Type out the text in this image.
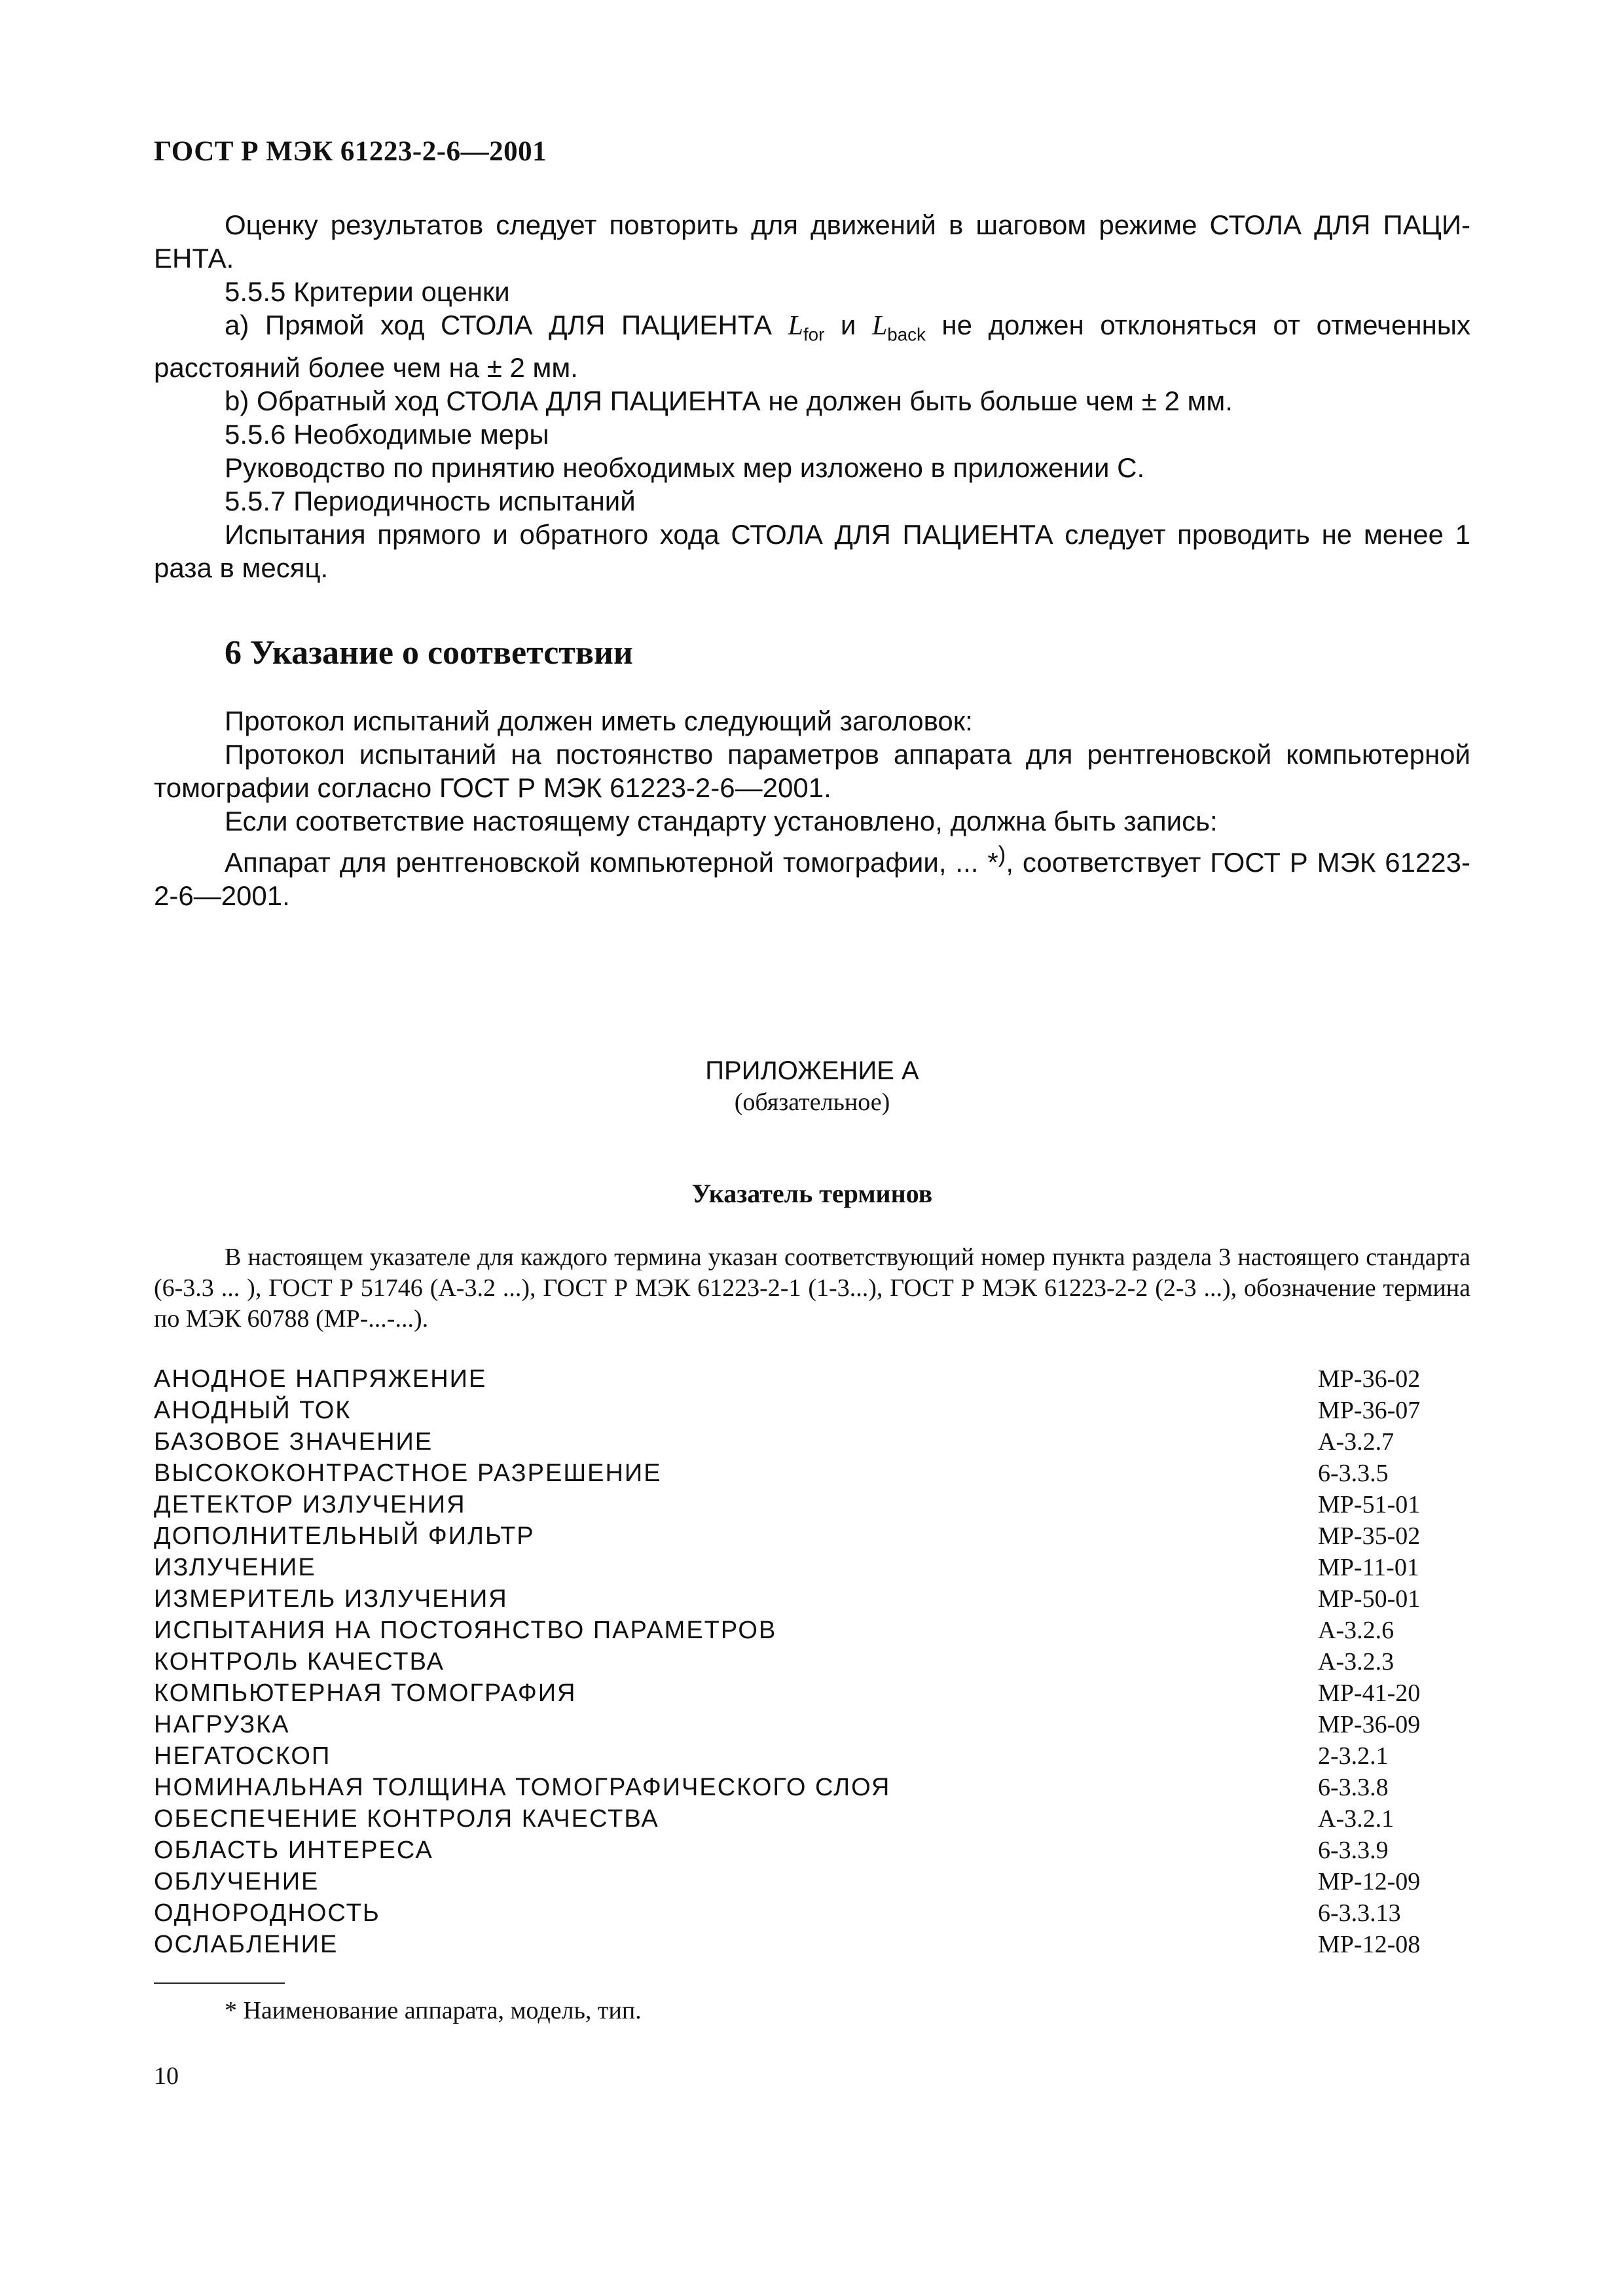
ГОСТ Р МЭК 61223-2-6—2001

Оценку результатов следует повторить для движений в шаговом режиме СТОЛА ДЛЯ ПАЦИ-ЕНТА.

5.5.5 Критерии оценки

а) Прямой ход СТОЛА ДЛЯ ПАЦИЕНТА $L_{for}$ и $L_{back}$ не должен отклоняться от отмеченных расстояний более чем на ± 2 мм.

b) Обратный ход СТОЛА ДЛЯ ПАЦИЕНТА не должен быть больше чем ± 2 мм.

5.5.6 Необходимые меры

Руководство по принятию необходимых мер изложено в приложении С.

5.5.7 Периодичность испытаний

Испытания прямого и обратного хода СТОЛА ДЛЯ ПАЦИЕНТА следует проводить не менее 1 раза в месяц.

6 Указание о соответствии

Протокол испытаний должен иметь следующий заголовок:

Протокол испытаний на постоянство параметров аппарата для рентгеновской компьютерной томографии согласно ГОСТ Р МЭК 61223-2-6—2001.

Если соответствие настоящему стандарту установлено, должна быть запись:

Аппарат для рентгеновской компьютерной томографии, ... *), соответствует ГОСТ Р МЭК 61223-2-6—2001.

ПРИЛОЖЕНИЕ А
(обязательное)
Указатель терминов

В настоящем указателе для каждого термина указан соответствующий номер пункта раздела 3 настоящего стандарта (6-3.3 ... ), ГОСТ Р 51746 (А-3.2 ...), ГОСТ Р МЭК 61223-2-1 (1-3...), ГОСТ Р МЭК 61223-2-2 (2-3 ...), обозначение термина по МЭК 60788 (МР-...-...).

АНОДНОЕ НАПРЯЖЕНИЕ	МР-36-02
АНОДНЫЙ ТОК	МР-36-07
БАЗОВОЕ ЗНАЧЕНИЕ	А-3.2.7
ВЫСОКОКОНТРАСТНОЕ РАЗРЕШЕНИЕ	6-3.3.5
ДЕТЕКТОР ИЗЛУЧЕНИЯ	МР-51-01
ДОПОЛНИТЕЛЬНЫЙ ФИЛЬТР	МР-35-02
ИЗЛУЧЕНИЕ	МР-11-01
ИЗМЕРИТЕЛЬ ИЗЛУЧЕНИЯ	МР-50-01
ИСПЫТАНИЯ НА ПОСТОЯНСТВО ПАРАМЕТРОВ	А-3.2.6
КОНТРОЛЬ КАЧЕСТВА	А-3.2.3
КОМПЬЮТЕРНАЯ ТОМОГРАФИЯ	МР-41-20
НАГРУЗКА	МР-36-09
НЕГАТОСКОП	2-3.2.1
НОМИНАЛЬНАЯ ТОЛЩИНА ТОМОГРАФИЧЕСКОГО СЛОЯ	6-3.3.8
ОБЕСПЕЧЕНИЕ КОНТРОЛЯ КАЧЕСТВА	А-3.2.1
ОБЛАСТЬ ИНТЕРЕСА	6-3.3.9
ОБЛУЧЕНИЕ	МР-12-09
ОДНОРОДНОСТЬ	6-3.3.13
ОСЛАБЛЕНИЕ	МР-12-08
* Наименование аппарата, модель, тип.
10
